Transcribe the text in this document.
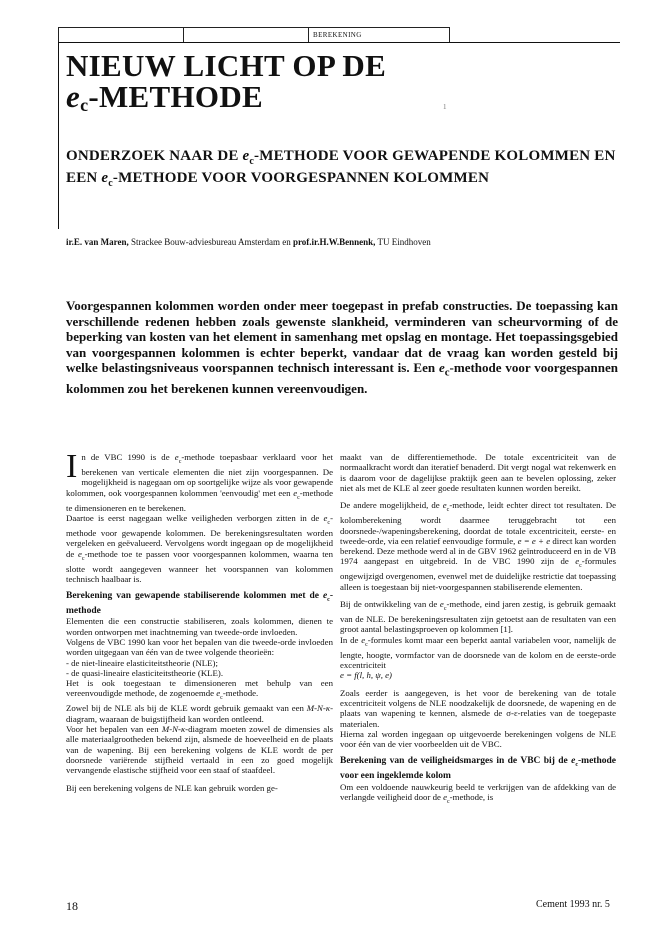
BEREKENING
NIEUW LICHT OP DE
$e_c$-METHODE	1
ONDERZOEK NAAR DE $e_c$-METHODE VOOR GEWAPENDE KOLOMMEN EN EEN $e_c$-METHODE VOOR VOORGESPANNEN KOLOMMEN
ir.E. van Maren, Strackee Bouw-adviesbureau Amsterdam en prof.ir.H.W.Bennenk, TU Eindhoven
Voorgespannen kolommen worden onder meer toegepast in prefab constructies. De toepassing kan verschillende redenen hebben zoals gewenste slankheid, verminderen van scheurvorming of de beperking van kosten van het element in samenhang met opslag en montage. Het toepassingsgebied van voorgespannen kolommen is echter beperkt, vandaar dat de vraag kan worden gesteld bij welke belastingsniveaus voorspannen technisch interessant is. Een $e_c$-methode voor voorgespannen kolommen zou het berekenen kunnen vereenvoudigen.

In de VBC 1990 is de $e_c$-methode toepasbaar verklaard voor het berekenen van verticale elementen die niet zijn voorgespannen. De mogelijkheid is nagegaan om op soortgelijke wijze als voor gewapende kolommen, ook voorgespannen kolommen 'eenvoudig' met een $e_c$-methode te dimensioneren en te berekenen.
Daartoe is eerst nagegaan welke veiligheden verborgen zitten in de $e_c$-methode voor gewapende kolommen. De berekeningsresultaten worden vergeleken en geëvalueerd. Vervolgens wordt ingegaan op de mogelijkheid de $e_c$-methode toe te passen voor voorgespannen kolommen, waarna ten slotte wordt aangegeven wanneer het voorspannen van kolommen technisch haalbaar is.

Berekening van gewapende stabiliserende kolommen met de $e_c$-methode

Elementen die een constructie stabiliseren, zoals kolommen, dienen te worden ontworpen met inachtneming van tweede-orde invloeden.
Volgens de VBC 1990 kan voor het bepalen van die tweede-orde invloeden worden uitgegaan van één van de twee volgende theorieën:
- de niet-lineaire elasticiteitstheorie (NLE);
- de quasi-lineaire elasticiteitstheorie (KLE).
Het is ook toegestaan te dimensioneren met behulp van een vereenvoudigde methode, de zogenoemde $e_c$-methode.
Zowel bij de NLE als bij de KLE wordt gebruik gemaakt van een M-N-κ-diagram, waaraan de buigstijfheid kan worden ontleend.
Voor het bepalen van een M-N-κ-diagram moeten zowel de dimensies als alle materiaalgrootheden bekend zijn, alsmede de hoeveelheid en de plaats van de wapening. Bij een berekening volgens de KLE wordt de per doorsnede variërende stijfheid vertaald in een zo goed mogelijk vervangende elastische stijfheid voor een staaf of staafdeel.

Bij een berekening volgens de NLE kan gebruik worden ge-

maakt van de differentiemethode. De totale excentriciteit van de normaalkracht wordt dan iteratief benaderd. Dit vergt nogal wat rekenwerk en is daarom voor de dagelijkse praktijk geen aan te bevelen oplossing, zeker niet als met de KLE al zeer goede resultaten kunnen worden bereikt.

De andere mogelijkheid, de $e_c$-methode, leidt echter direct tot resultaten. De kolomberekening wordt daarmee teruggebracht tot een doorsnede-/wapeningsberekening, doordat de totale excentriciteit, eerste- en tweede-orde, via een relatief eenvoudige formule, e = e + e direct kan worden berekend. Deze methode werd al in de GBV 1962 geïntroduceerd en in de VB 1974 aangepast en uitgebreid. In de VBC 1990 zijn de $e_c$-formules ongewijzigd overgenomen, evenwel met de duidelijke restrictie dat toepassing alleen is toegestaan bij niet-voorgespannen stabiliserende elementen.

Bij de ontwikkeling van de $e_c$-methode, eind jaren zestig, is gebruik gemaakt van de NLE. De berekeningsresultaten zijn getoetst aan de resultaten van een groot aantal belastingsproeven op kolommen [1].
In de $e_c$-formules komt maar een beperkt aantal variabelen voor, namelijk de lengte, hoogte, vormfactor van de doorsnede van de kolom en de eerste-orde excentriciteit
e = f(l, h, ψ, e)

Zoals eerder is aangegeven, is het voor de berekening van de totale excentriciteit volgens de NLE noodzakelijk de doorsnede, de wapening en de plaats van wapening te kennen, alsmede de σ-ε-relaties van de toegepaste materialen.
Hierna zal worden ingegaan op uitgevoerde berekeningen volgens de NLE voor één van de vier voorbeelden uit de VBC.

Berekening van de veiligheidsmarges in de VBC bij de $e_c$-methode voor een ingeklemde kolom

Om een voldoende nauwkeurig beeld te verkrijgen van de afdekking van de verlangde veiligheid door de $e_c$-methode, is

18	Cement 1993 nr. 5
